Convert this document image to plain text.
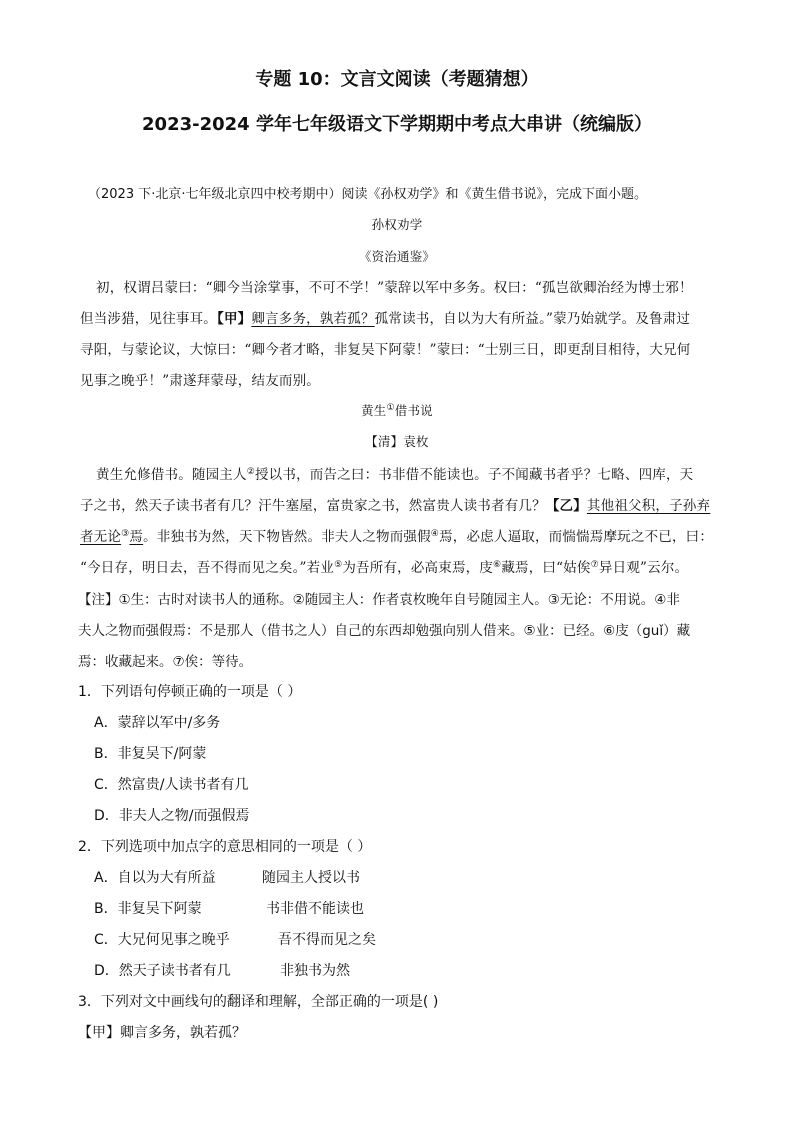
专题 10：文言文阅读（考题猜想）
2023-2024 学年七年级语文下学期期中考点大串讲（统编版）
（2023 下·北京·七年级北京四中校考期中）阅读《孙权劝学》和《黄生借书说》，完成下面小题。
孙权劝学
《资治通鉴》
初，权谓吕蒙曰：“卿今当涂掌事，不可不学！”蒙辞以军中多务。权曰：“孤岂欲卿治经为博士邪！
但当涉猎，见往事耳。【甲】卿言多务，孰若孤？孤常读书，自以为大有所益。”蒙乃始就学。及鲁肃过
寻阳，与蒙论议，大惊曰：“卿今者才略，非复吴下阿蒙！”蒙曰：“士别三日，即更刮目相待，大兄何
见事之晚乎！”肃遂拜蒙母，结友而别。
黄生①借书说
【清】袁枚
黄生允修借书。随园主人②授以书，而告之曰：书非借不能读也。子不闻藏书者乎？七略、四库，天
子之书，然天子读书者有几？汗牛塞屋，富贵家之书，然富贵人读书者有几？【乙】其他祖父积，子孙弃
者无论③焉。非独书为然，天下物皆然。非夫人之物而强假④焉，必虑人逼取，而惴惴焉摩玩之不已，曰：
“今日存，明日去，吾不得而见之矣。”若业⑤为吾所有，必高束焉，庋⑥藏焉，曰“姑俟⑦异日观”云尔。
【注】①生：古时对读书人的通称。②随园主人：作者袁枚晚年自号随园主人。③无论：不用说。④非
夫人之物而强假焉：不是那人（借书之人）自己的东西却勉强向别人借来。⑤业：已经。⑥庋（guǐ）藏
焉：收藏起来。⑦俟：等待。
1．下列语句停顿正确的一项是（ ）
A．蒙辞以军中/多务
B．非复吴下/阿蒙
C．然富贵/人读书者有几
D．非夫人之物/而强假焉
2．下列选项中加点字的意思相同的一项是（ ）
A．自以为大有所益	随园主人授以书
B．非复吴下阿蒙	书非借不能读也
C．大兄何见事之晚乎	吾不得而见之矣
D．然天子读书者有几	非独书为然
3．下列对文中画线句的翻译和理解，全部正确的一项是( )
【甲】卿言多务，孰若孤？
